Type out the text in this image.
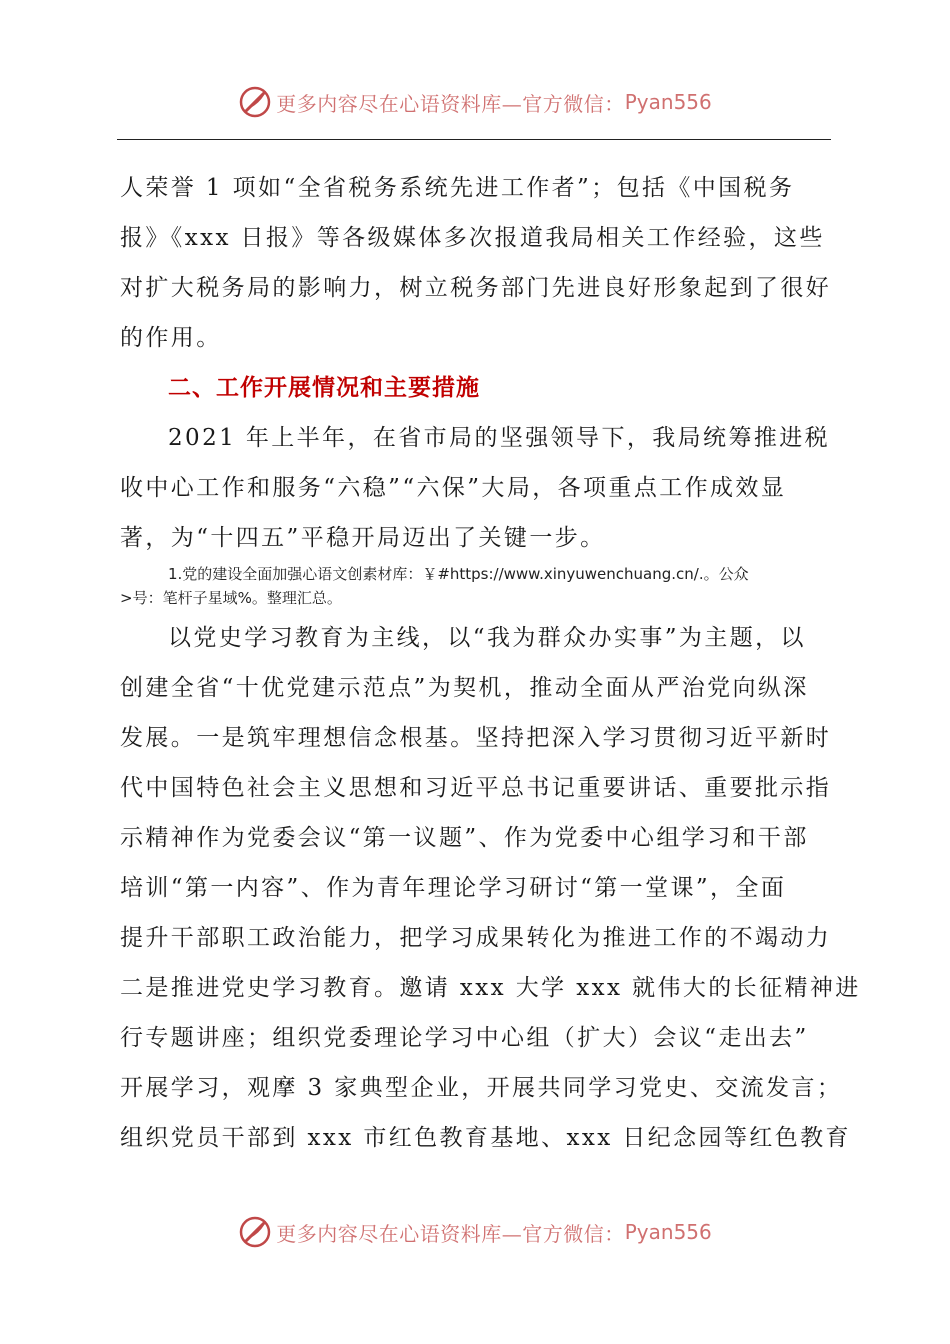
更多内容尽在心语资料库—官方微信： Pyan556
人荣誉 1 项如“全省税务系统先进工作者”；包括《中国税务
报》《xxx 日报》等各级媒体多次报道我局相关工作经验，这些
对扩大税务局的影响力，树立税务部门先进良好形象起到了很好
的作用。
二、工作开展情况和主要措施
2021 年上半年，在省市局的坚强领导下，我局统筹推进税
收中心工作和服务“六稳”“六保”大局，各项重点工作成效显
著，为“十四五”平稳开局迈出了关键一步。
1.党的建设全面加强心语文创素材库：￥#https://www.xinyuwenchuang.cn/.。公众
>号：笔杆子星域%。整理汇总。
以党史学习教育为主线，以“我为群众办实事”为主题，以
创建全省“十优党建示范点”为契机，推动全面从严治党向纵深
发展。一是筑牢理想信念根基。坚持把深入学习贯彻习近平新时
代中国特色社会主义思想和习近平总书记重要讲话、重要批示指
示精神作为党委会议“第一议题”、作为党委中心组学习和干部
培训“第一内容”、作为青年理论学习研讨“第一堂课”，全面
提升干部职工政治能力，把学习成果转化为推进工作的不竭动力
二是推进党史学习教育。邀请 xxx 大学 xxx 就伟大的长征精神进
行专题讲座；组织党委理论学习中心组（扩大）会议“走出去”
开展学习，观摩 3 家典型企业，开展共同学习党史、交流发言；
组织党员干部到 xxx 市红色教育基地、xxx 日纪念园等红色教育
更多内容尽在心语资料库—官方微信： Pyan556
